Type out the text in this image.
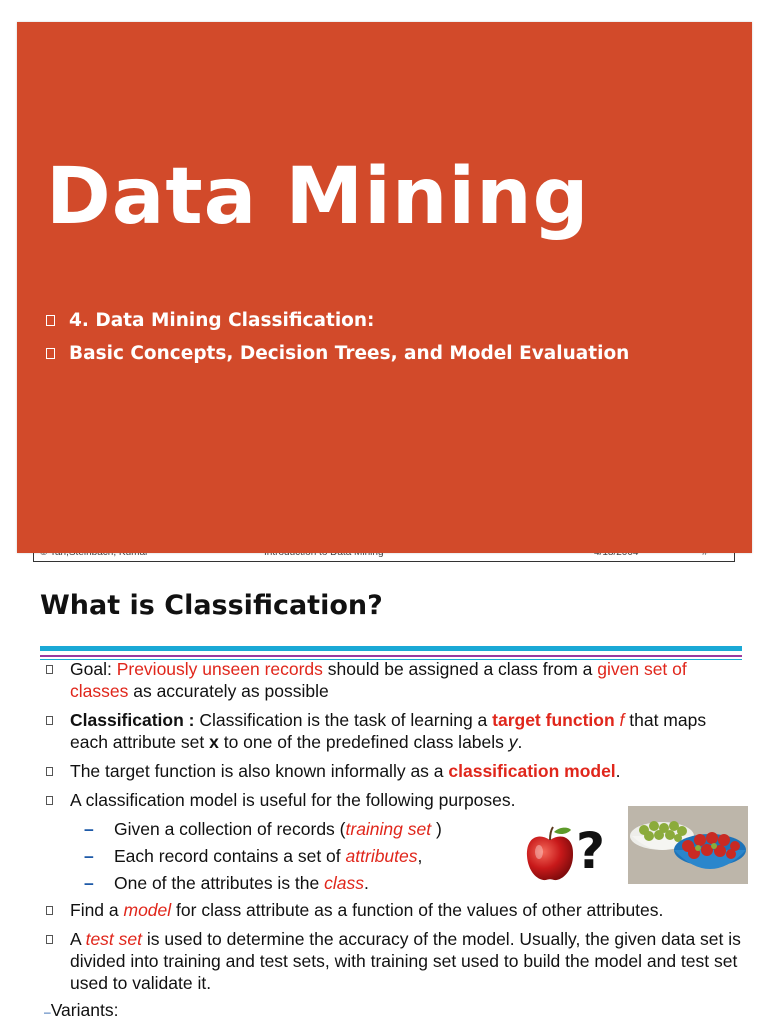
Data Mining
4. Data Mining Classification:
Basic Concepts, Decision Trees, and Model Evaluation
What is Classification?
Goal: Previously unseen records should be assigned a class from a given set of classes as accurately as possible
Classification : Classification is the task of learning a target function f that maps each attribute set x to one of the predefined class labels y.
The target function is also known informally as a classification model.
A classification model is useful for the following purposes.
– Given a collection of records (training set )
– Each record contains a set of attributes,
– One of the attributes is the class.
Find a model for class attribute as a function of the values of other attributes.
A test set is used to determine the accuracy of the model. Usually, the given data set is divided into training and test sets, with training set used to build the model and test set used to validate it.
–Variants:
?
